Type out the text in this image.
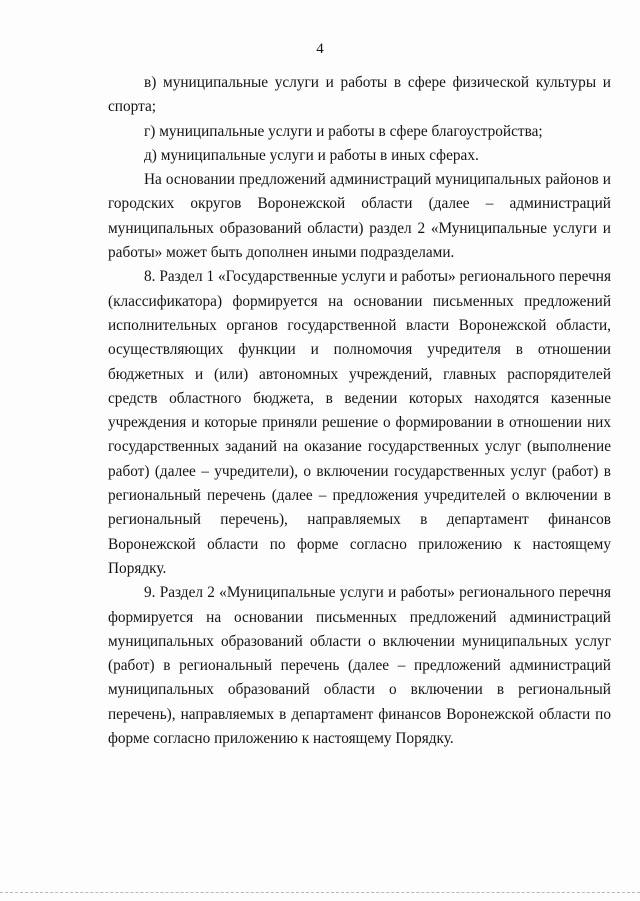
4

в) муниципальные услуги и работы в сфере физической культуры и спорта;

г) муниципальные услуги и работы в сфере благоустройства;

д) муниципальные услуги и работы в иных сферах.

На основании предложений администраций муниципальных районов и городских округов Воронежской области (далее – администраций муниципальных образований области) раздел 2 «Муниципальные услуги и работы» может быть дополнен иными подразделами.

8. Раздел 1 «Государственные услуги и работы» регионального перечня (классификатора) формируется на основании письменных предложений исполнительных органов государственной власти Воронежской области, осуществляющих функции и полномочия учредителя в отношении бюджетных и (или) автономных учреждений, главных распорядителей средств областного бюджета, в ведении которых находятся казенные учреждения и которые приняли решение о формировании в отношении них государственных заданий на оказание государственных услуг (выполнение работ) (далее – учредители), о включении государственных услуг (работ) в региональный перечень (далее – предложения учредителей о включении в региональный перечень), направляемых в департамент финансов Воронежской области по форме согласно приложению к настоящему Порядку.

9. Раздел 2 «Муниципальные услуги и работы» регионального перечня формируется на основании письменных предложений администраций муниципальных образований области о включении муниципальных услуг (работ) в региональный перечень (далее – предложений администраций муниципальных образований области о включении в региональный перечень), направляемых в департамент финансов Воронежской области по форме согласно приложению к настоящему Порядку.
